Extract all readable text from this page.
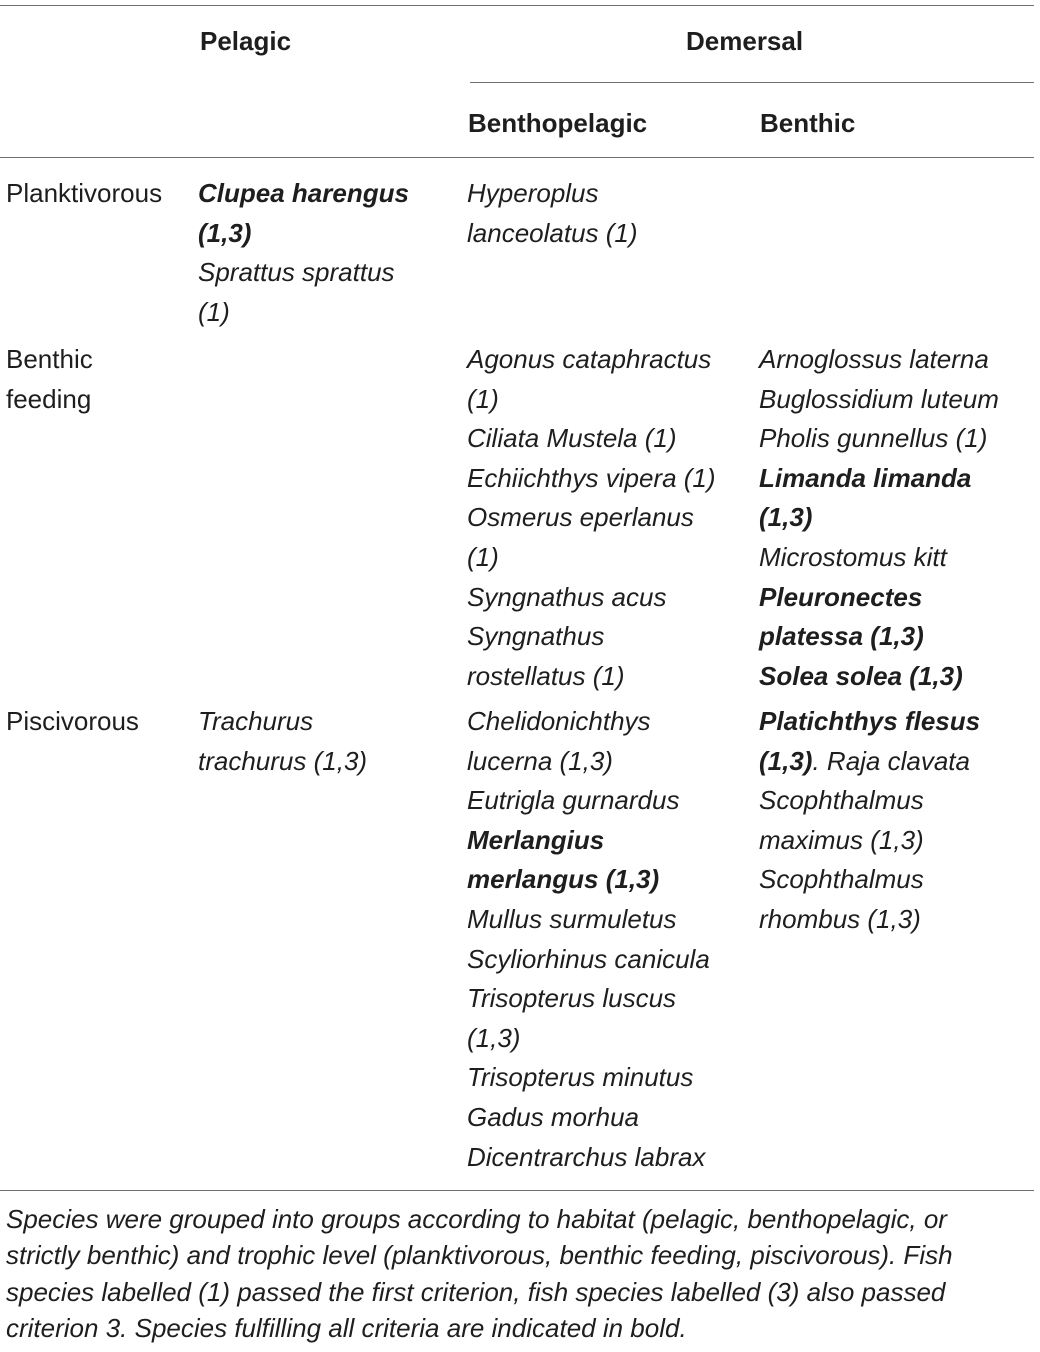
Pelagic	Demersal
Benthopelagic	Benthic
Planktivorous Clupea harengus
(1,3)
Sprattus sprattus
(1)
Hyperoplus
lanceolatus (1)
Benthic
feeding
Agonus cataphractus
(1)
Ciliata Mustela (1)
Echiichthys vipera (1)
Osmerus eperlanus
(1)
Syngnathus acus
Syngnathus
rostellatus (1)
Arnoglossus laterna
Buglossidium luteum
Pholis gunnellus (1)
Limanda limanda
(1,3)
Microstomus kitt
Pleuronectes
platessa (1,3)
Solea solea (1,3)
Piscivorous Trachurus
trachurus (1,3)
Chelidonichthys
lucerna (1,3)
Eutrigla gurnardus
Merlangius
merlangus (1,3)
Mullus surmuletus
Scyliorhinus canicula
Trisopterus luscus
(1,3)
Trisopterus minutus
Gadus morhua
Dicentrarchus labrax
Platichthys flesus
(1,3). Raja clavata
Scophthalmus
maximus (1,3)
Scophthalmus
rhombus (1,3)
Species were grouped into groups according to habitat (pelagic, benthopelagic, or
strictly benthic) and trophic level (planktivorous, benthic feeding, piscivorous). Fish
species labelled (1) passed the first criterion, fish species labelled (3) also passed
criterion 3. Species fulfilling all criteria are indicated in bold.
